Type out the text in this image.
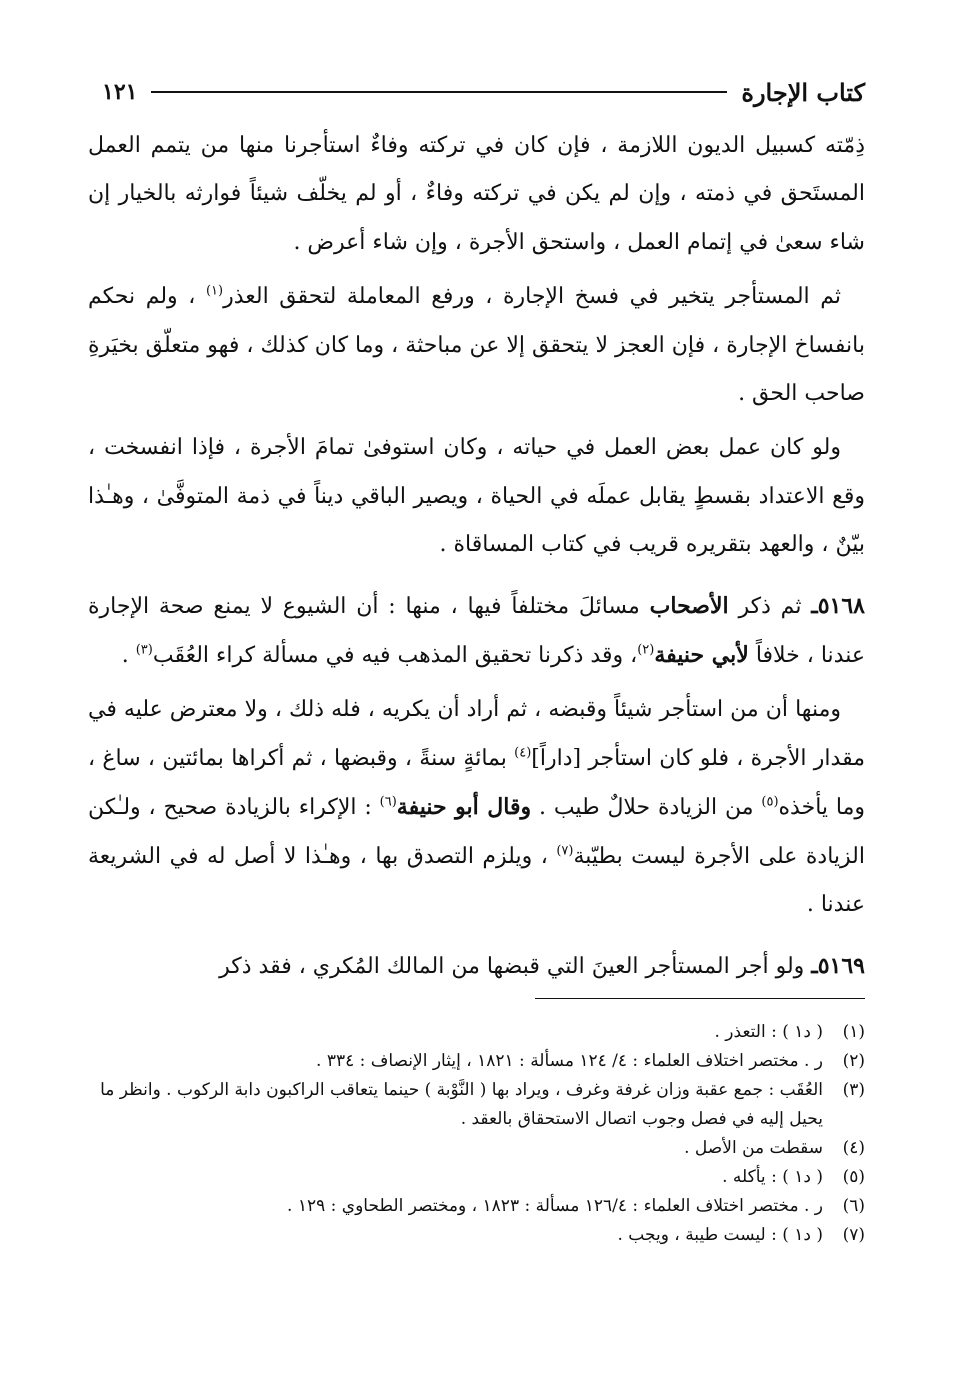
كتاب الإجارة
١٢١

ذِمّته كسبيل الديون اللازمة ، فإن كان في تركته وفاءٌ استأجرنا منها من يتمم العمل المستَحق في ذمته ، وإن لم يكن في تركته وفاءٌ ، أو لم يخلّف شيئاً فوارثه بالخيار إن شاء سعىٰ في إتمام العمل ، واستحق الأجرة ، وإن شاء أعرض .

ثم المستأجر يتخير في فسخ الإجارة ، ورفع المعاملة لتحقق العذر$^{(١)}$ ، ولم نحكم بانفساخ الإجارة ، فإن العجز لا يتحقق إلا عن مباحثة ، وما كان كذلك ، فهو متعلّق بخيَرةِ صاحب الحق .

ولو كان عمل بعض العمل في حياته ، وكان استوفىٰ تمامَ الأجرة ، فإذا انفسخت ، وقع الاعتداد بقسطٍ يقابل عملَه في الحياة ، ويصير الباقي ديناً في ذمة المتوفَّىٰ ، وهـٰذا بيّنٌ ، والعهد بتقريره قريب في كتاب المساقاة .

٥١٦٨ـ ثم ذكر الأصحاب مسائلَ مختلفاً فيها ، منها : أن الشيوع لا يمنع صحة الإجارة عندنا ، خلافاً لأبي حنيفة$^{(٢)}$، وقد ذكرنا تحقيق المذهب فيه في مسألة كراء العُقَب$^{(٣)}$ .

ومنها أن من استأجر شيئاً وقبضه ، ثم أراد أن يكريه ، فله ذلك ، ولا معترض عليه في مقدار الأجرة ، فلو كان استأجر [داراً]$^{(٤)}$ بمائةٍ سنةً ، وقبضها ، ثم أكراها بمائتين ، ساغ ، وما يأخذه$^{(٥)}$ من الزيادة حلالٌ طيب . وقال أبو حنيفة$^{(٦)}$ : الإكراء بالزيادة صحيح ، ولـٰكن الزيادة على الأجرة ليست بطيّبة$^{(٧)}$ ، ويلزم التصدق بها ، وهـٰذا لا أصل له في الشريعة عندنا .

٥١٦٩ـ ولو أجر المستأجر العينَ التي قبضها من المالك المُكري ، فقد ذكر

(١)
( د١ ) : التعذر .
(٢)
ر . مختصر اختلاف العلماء : ٤/ ١٢٤ مسألة : ١٨٢١ ، إيثار الإنصاف : ٣٣٤ .
(٣)
العُقَب : جمع عقبة وزان غرفة وغرف ، ويراد بها ( النَّوْبة ) حينما يتعاقب الراكبون دابة الركوب . وانظر ما يحيل إليه في فصل وجوب اتصال الاستحقاق بالعقد .
(٤)
سقطت من الأصل .
(٥)
( د١ ) : يأكله .
(٦)
ر . مختصر اختلاف العلماء : ١٢٦/٤ مسألة : ١٨٢٣ ، ومختصر الطحاوي : ١٢٩ .
(٧)
( د١ ) : ليست طيبة ، ويجب .
